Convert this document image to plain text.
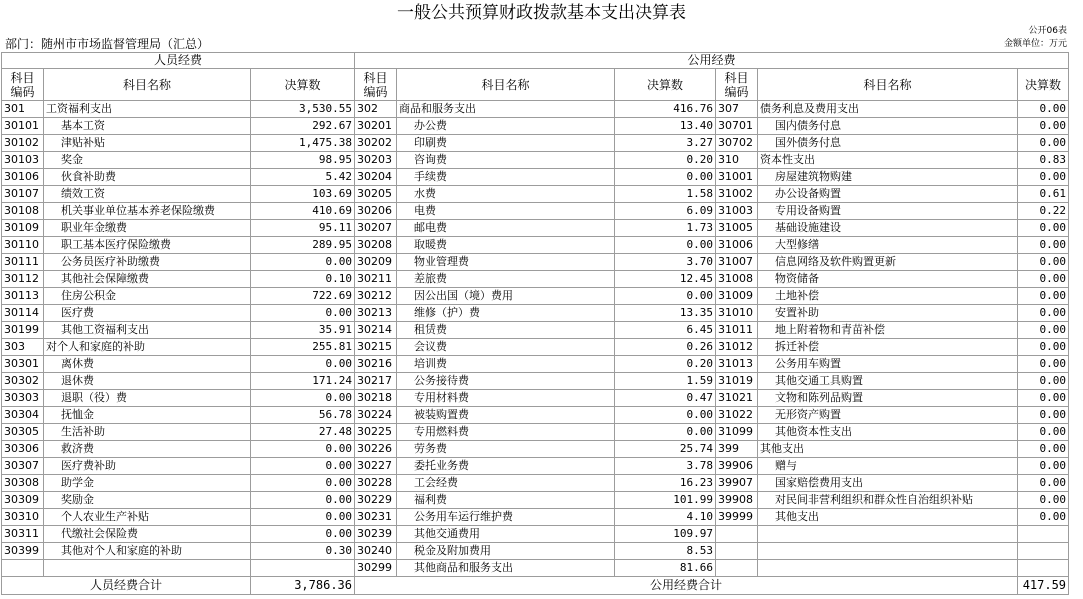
一般公共预算财政拨款基本支出决算表
公开06表
部门：随州市市场监督管理局（汇总）	金额单位：万元
人员经费			公用经费					
科目
编码	科目名称	决算数	科目
编码	科目名称	决算数	科目
编码	科目名称	决算数
301	工资福利支出	3,530.55	302	商品和服务支出	416.76	307	债务利息及费用支出	0.00
30101	基本工资	292.67	30201	办公费	13.40	30701	国内债务付息	0.00
30102	津贴补贴	1,475.38	30202	印刷费	3.27	30702	国外债务付息	0.00
30103	奖金	98.95	30203	咨询费	0.20	310	资本性支出	0.83
30106	伙食补助费	5.42	30204	手续费	0.00	31001	房屋建筑物购建	0.00
30107	绩效工资	103.69	30205	水费	1.58	31002	办公设备购置	0.61
30108	机关事业单位基本养老保险缴费	410.69	30206	电费	6.09	31003	专用设备购置	0.22
30109	职业年金缴费	95.11	30207	邮电费	1.73	31005	基础设施建设	0.00
30110	职工基本医疗保险缴费	289.95	30208	取暖费	0.00	31006	大型修缮	0.00
30111	公务员医疗补助缴费	0.00	30209	物业管理费	3.70	31007	信息网络及软件购置更新	0.00
30112	其他社会保障缴费	0.10	30211	差旅费	12.45	31008	物资储备	0.00
30113	住房公积金	722.69	30212	因公出国（境）费用	0.00	31009	土地补偿	0.00
30114	医疗费	0.00	30213	维修（护）费	13.35	31010	安置补助	0.00
30199	其他工资福利支出	35.91	30214	租赁费	6.45	31011	地上附着物和青苗补偿	0.00
303	对个人和家庭的补助	255.81	30215	会议费	0.26	31012	拆迁补偿	0.00
30301	离休费	0.00	30216	培训费	0.20	31013	公务用车购置	0.00
30302	退休费	171.24	30217	公务接待费	1.59	31019	其他交通工具购置	0.00
30303	退职（役）费	0.00	30218	专用材料费	0.47	31021	文物和陈列品购置	0.00
30304	抚恤金	56.78	30224	被装购置费	0.00	31022	无形资产购置	0.00
30305	生活补助	27.48	30225	专用燃料费	0.00	31099	其他资本性支出	0.00
30306	救济费	0.00	30226	劳务费	25.74	399	其他支出	0.00
30307	医疗费补助	0.00	30227	委托业务费	3.78	39906	赠与	0.00
30308	助学金	0.00	30228	工会经费	16.23	39907	国家赔偿费用支出	0.00
30309	奖励金	0.00	30229	福利费	101.99	39908	对民间非营利组织和群众性自治组织补贴	0.00
30310	个人农业生产补贴	0.00	30231	公务用车运行维护费	4.10	39999	其他支出	0.00
30311	代缴社会保险费	0.00	30239	其他交通费用	109.97			
30399	其他对个人和家庭的补助	0.30	30240	税金及附加费用	8.53			
			30299	其他商品和服务支出	81.66			
人员经费合计		3,786.36	公用经费合计					417.59
